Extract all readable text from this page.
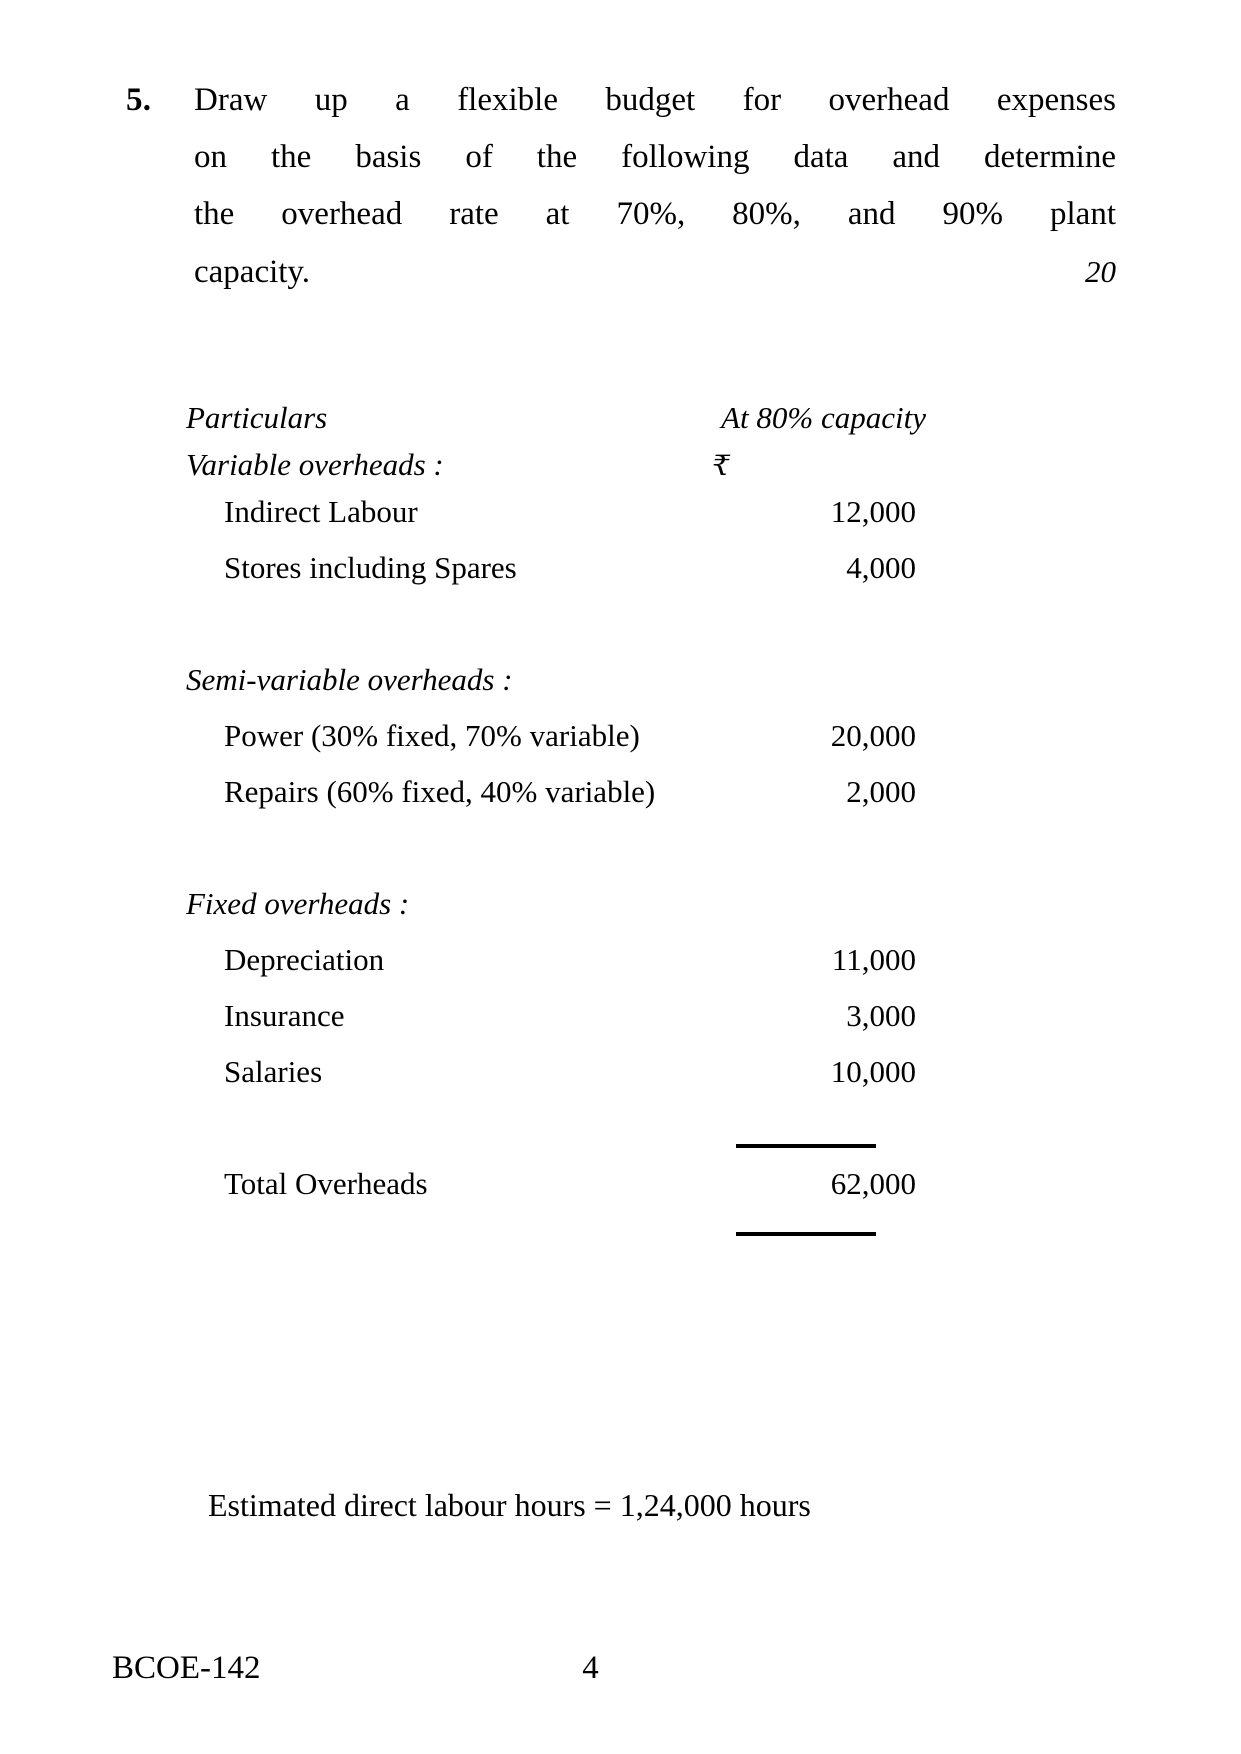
5.	Draw up a flexible budget for overhead expenses
on the basis of the following data and determine
the overhead rate at 70%, 80%, and 90% plant
capacity.	20
Particulars	At 80% capacity
Variable overheads :	₹
Indirect Labour	12,000
Stores including Spares	4,000
Semi-variable overheads :
Power (30% fixed, 70% variable)	20,000
Repairs (60% fixed, 40% variable)	2,000
Fixed overheads :
Depreciation	11,000
Insurance	3,000
Salaries	10,000
Total Overheads	62,000
Estimated direct labour hours = 1,24,000 hours
BCOE-142	4
